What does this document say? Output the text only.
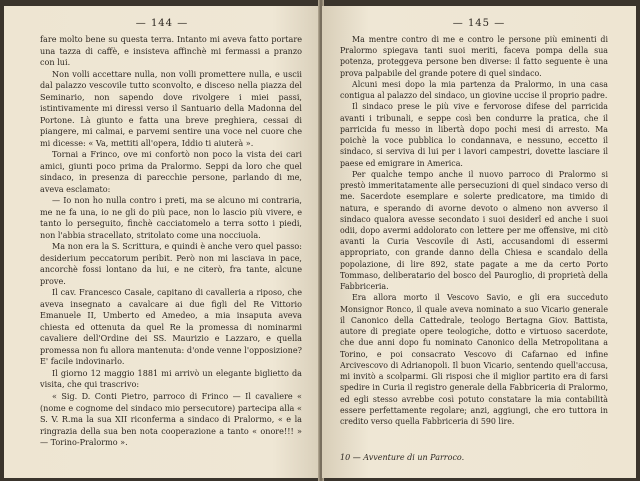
— 144 —

fare molto bene su questa terra. Intanto mi aveva fatto portare una tazza di caffè, e insisteva affinchè mi fermassi a pranzo con lui.

Non volli accettare nulla, non volli promettere nulla, e uscii dal palazzo vescovile tutto sconvolto, e disceso nella piazza del Seminario, non sapendo dove rivolgere i miei passi, istintivamente mi diressi verso il Santuario della Madonna del Portone. Là giunto e fatta una breve preghiera, cessai di piangere, mi calmai, e parvemi sentire una voce nel cuore che mi dicesse: « Va, mettiti all'opera, Iddio ti aiuterà ».

Tornai a Frinco, ove mi confortò non poco la vista dei cari amici, giunti poco prima da Pralormo. Seppi da loro che quel sindaco, in presenza di parecchie persone, parlando di me, aveva esclamato:

— Io non ho nulla contro i preti, ma se alcuno mi contraria, me ne fa una, io ne gli do più pace, non lo lascio più vivere, e tanto lo perseguito, finchè cacciatomelo a terra sotto i piedi, non l'abbia stracellato, stritolato come una nocciuola.

Ma non era la S. Scrittura, e quindi è anche vero quel passo: desiderium peccatorum peribit. Però non mi lasciava in pace, ancorchè fossi lontano da lui, e ne citerò, fra tante, alcune prove.

Il cav. Francesco Casale, capitano di cavalleria a riposo, che aveva insegnato a cavalcare ai due figli del Re Vittorio Emanuele II, Umberto ed Amedeo, a mia insaputa aveva chiesta ed ottenuta da quel Re la promessa di nominarmi cavaliere dell'Ordine dei SS. Maurizio e Lazzaro, e quella promessa non fu allora mantenuta: d'onde venne l'opposizione? E' facile indovinarlo.

Il giorno 12 maggio 1881 mi arrivò un elegante biglietto da visita, che qui trascrivo:

« Sig. D. Conti Pietro, parroco di Frinco — Il cavaliere « (nome e cognome del sindaco mio persecutore) partecipa alla « S. V. R.ma la sua XII riconferma a sindaco di Pralormo, « e la ringrazia della sua ben nota cooperazione a tanto « onore!!! » — Torino-Pralormo ».

— 145 —

Ma mentre contro di me e contro le persone più eminenti di Pralormo spiegava tanti suoi meriti, faceva pompa della sua potenza, proteggeva persone ben diverse: il fatto seguente è una prova palpabile del grande potere di quel sindaco.

Alcuni mesi dopo la mia partenza da Pralormo, in una casa contigua al palazzo del sindaco, un giovine uccise il proprio padre.

Il sindaco prese le più vive e fervorose difese del parricida avanti i tribunali, e seppe così ben condurre la pratica, che il parricida fu messo in libertà dopo pochi mesi di arresto. Ma poichè la voce pubblica lo condannava, e nessuno, eccetto il sindaco, si serviva di lui per i lavori campestri, dovette lasciare il paese ed emigrare in America.

Per qualche tempo anche il nuovo parroco di Pralormo si prestò immeritatamente alle persecuzioni di quel sindaco verso di me. Sacerdote esemplare e solerte predicatore, ma timido di natura, e sperando di avorne devoto o almeno non avverso il sindaco qualora avesse secondato i suoi desiderî ed anche i suoi odii, dopo avermi addolorato con lettere per me offensive, mi citò avanti la Curia Vescovile di Asti, accusandomi di essermi appropriato, con grande danno della Chiesa e scandalo della popolazione, di lire 892, state pagate a me da certo Porto Tommaso, deliberatario del bosco del Pauroglio, di proprietà della Fabbriceria.

Era allora morto il Vescovo Savio, e gli era succeduto Monsignor Ronco, il quale aveva nominato a suo Vicario generale il Canonico della Cattedrale, teologo Bertagna Giov. Battista, autore di pregiate opere teologiche, dotto e virtuoso sacerdote, che due anni dopo fu nominato Canonico della Metropolitana a Torino, e poi consacrato Vescovo di Cafarnao ed infine Arcivescovo di Adrianopoli. Il buon Vicario, sentendo quell'accusa, mi invitò a scolparmi. Gli risposi che il miglior partito era di farsi spedire in Curia il registro generale della Fabbriceria di Pralormo, ed egli stesso avrebbe così potuto constatare la mia contabilità essere perfettamente regolare; anzi, aggiungi, che ero tuttora in credito verso quella Fabbriceria di 590 lire.

10 — Avventure di un Parroco.
